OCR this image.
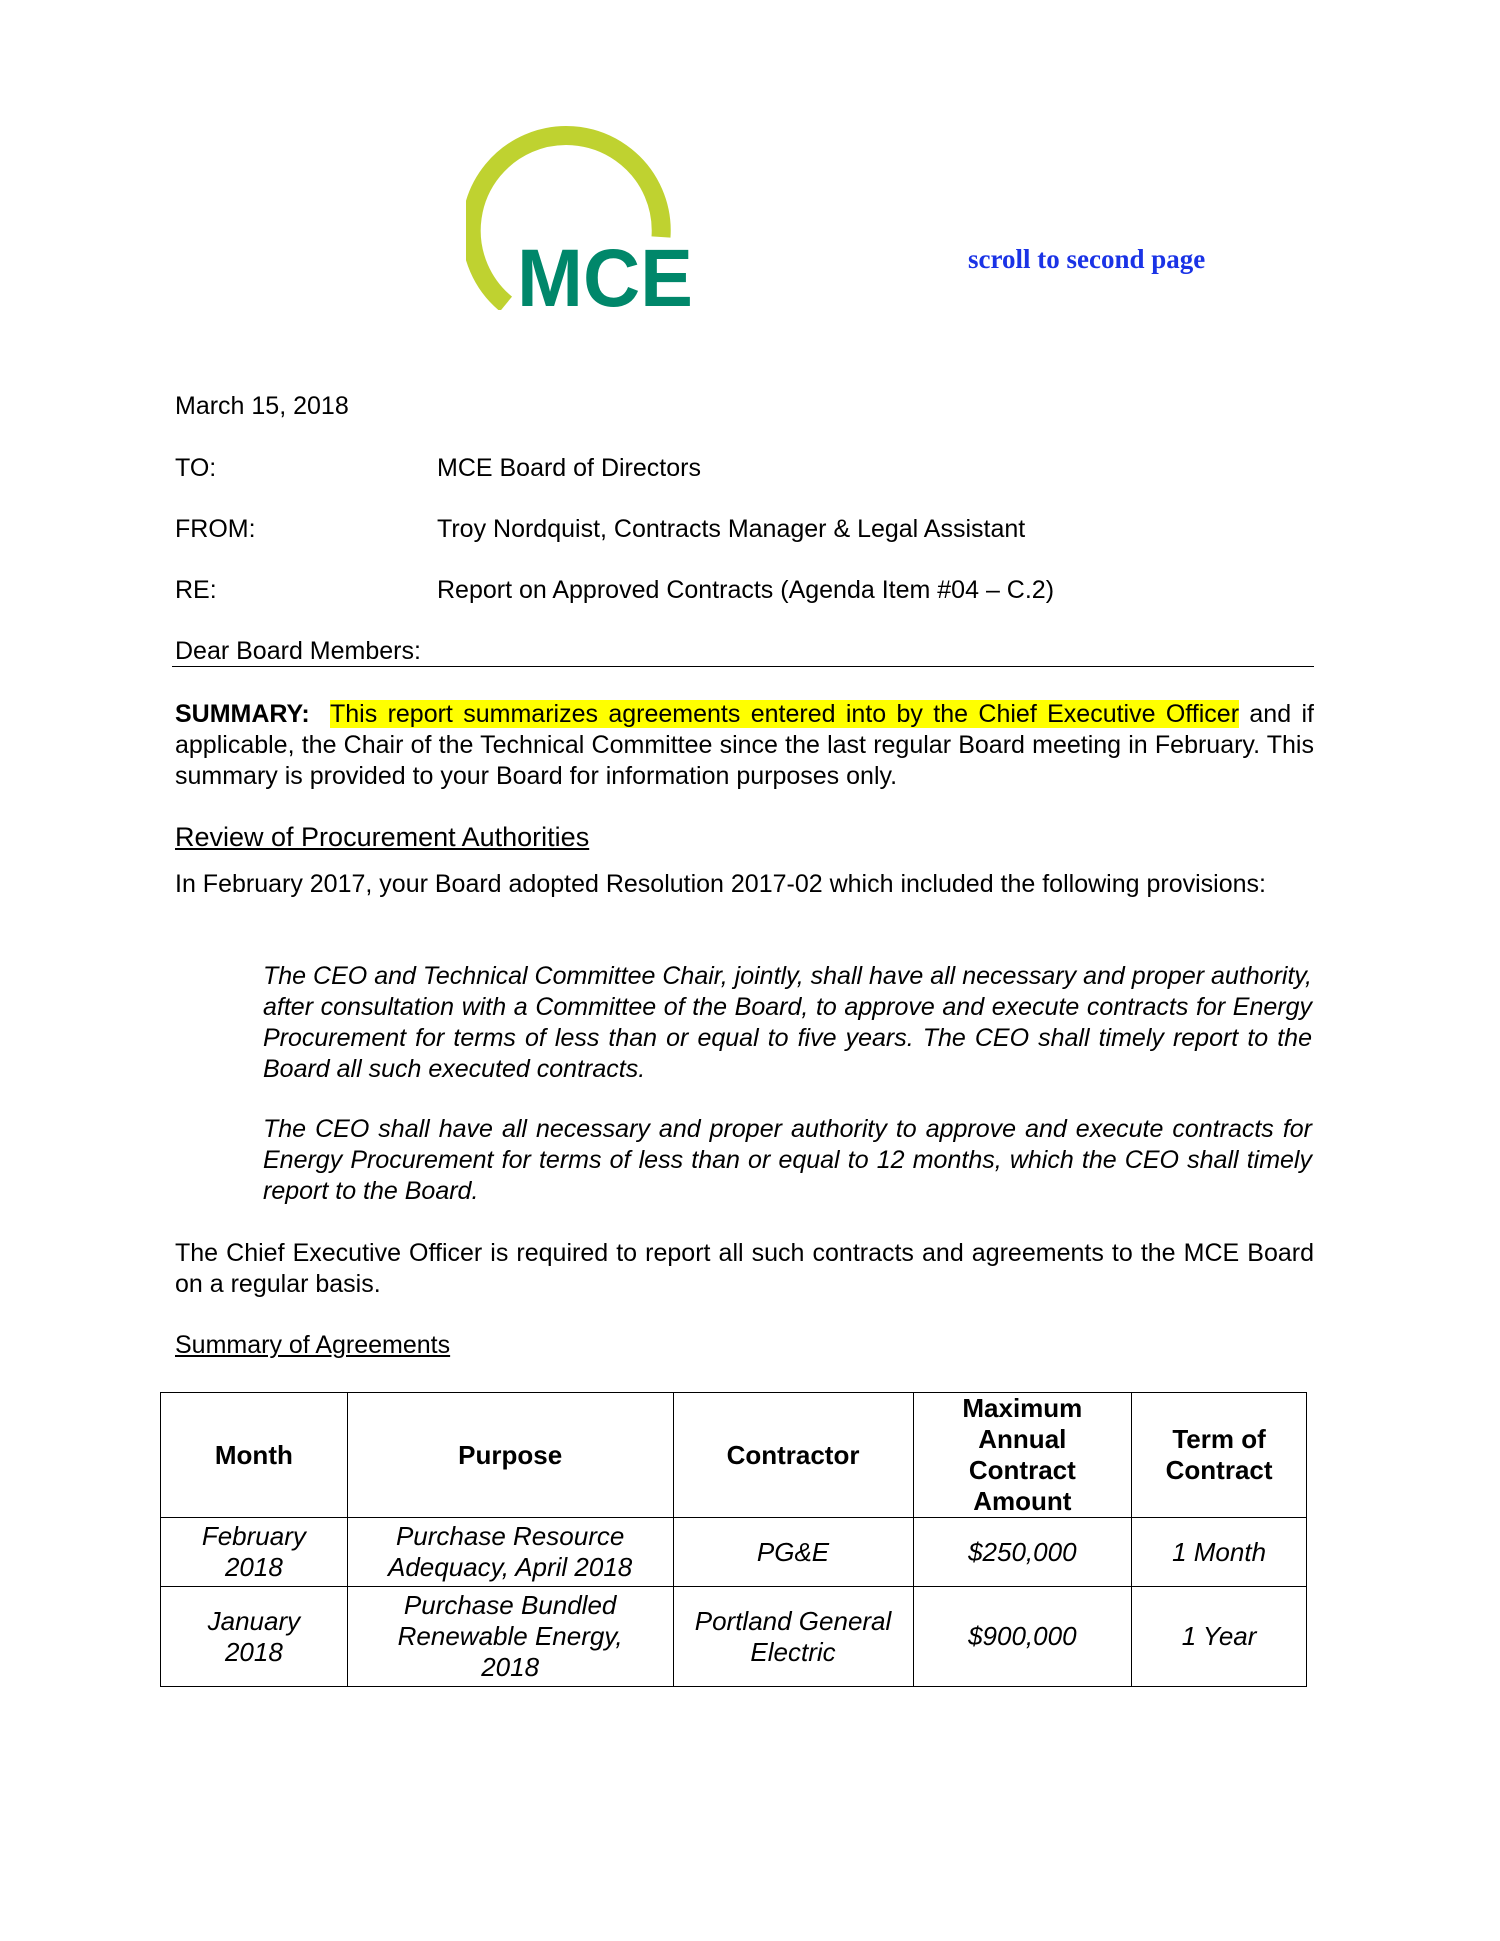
MCE	scroll to second page
March 15, 2018
TO:	MCE Board of Directors
FROM:	Troy Nordquist, Contracts Manager & Legal Assistant
RE:	Report on Approved Contracts (Agenda Item #04 – C.2)
Dear Board Members:
SUMMARY: This report summarizes agreements entered into by the Chief Executive Officer and if applicable, the Chair of the Technical Committee since the last regular Board meeting in February. This summary is provided to your Board for information purposes only.
Review of Procurement Authorities
In February 2017, your Board adopted Resolution 2017-02 which included the following provisions:
The CEO and Technical Committee Chair, jointly, shall have all necessary and proper authority, after consultation with a Committee of the Board, to approve and execute contracts for Energy Procurement for terms of less than or equal to five years. The CEO shall timely report to the Board all such executed contracts.
The CEO shall have all necessary and proper authority to approve and execute contracts for Energy Procurement for terms of less than or equal to 12 months, which the CEO shall timely report to the Board.
The Chief Executive Officer is required to report all such contracts and agreements to the MCE Board on a regular basis.
Summary of Agreements
Month	Purpose	Contractor	Maximum Annual Contract Amount	Term of Contract
February 2018	Purchase Resource Adequacy, April 2018	PG&E	$250,000	1 Month
January 2018	Purchase Bundled Renewable Energy, 2018	Portland General Electric	$900,000	1 Year
